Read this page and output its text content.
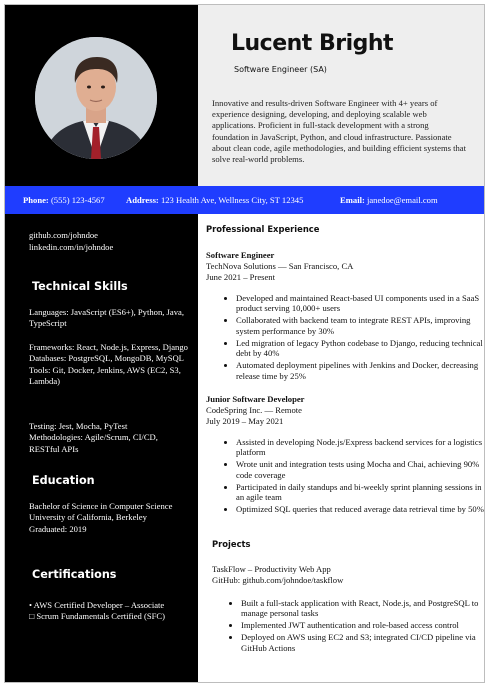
Lucent Bright
Software Engineer (SA)
Innovative and results-driven Software Engineer with 4+ years of experience designing, developing, and deploying scalable web applications. Proficient in full-stack development with a strong foundation in JavaScript, Python, and cloud infrastructure. Passionate about clean code, agile methodologies, and building efficient systems that solve real-world problems.
Phone: (555) 123-4567 Address: 123 Health Ave, Wellness City, ST 12345	Email: janedoe@email.com
github.com/johndoe
linkedin.com/in/johndoe
Technical Skills

Languages: JavaScript (ES6+), Python, Java, TypeScript

Frameworks: React, Node.js, Express, Django

Databases: PostgreSQL, MongoDB, MySQL

Tools: Git, Docker, Jenkins, AWS (EC2, S3, Lambda)

Testing: Jest, Mocha, PyTest

Methodologies: Agile/Scrum, CI/CD, RESTful APIs

Education

Bachelor of Science in Computer Science

University of California, Berkeley

Graduated: 2019

Certifications

• AWS Certified Developer – Associate

□ Scrum Fundamentals Certified (SFC)

Professional Experience

Software Engineer

TechNova Solutions — San Francisco, CA

June 2021 – Present

• Developed and maintained React-based UI components used in a SaaS product serving 10,000+ users
• Collaborated with backend team to integrate REST APIs, improving system performance by 30%
• Led migration of legacy Python codebase to Django, reducing technical debt by 40%
• Automated deployment pipelines with Jenkins and Docker, decreasing release time by 25%

Junior Software Developer

CodeSpring Inc. — Remote

July 2019 – May 2021

• Assisted in developing Node.js/Express backend services for a logistics platform
• Wrote unit and integration tests using Mocha and Chai, achieving 90% code coverage
• Participated in daily standups and bi-weekly sprint planning sessions in an agile team
• Optimized SQL queries that reduced average data retrieval time by 50%
Projects

TaskFlow – Productivity Web App

GitHub: github.com/johndoe/taskflow

• Built a full-stack application with React, Node.js, and PostgreSQL to manage personal tasks
• Implemented JWT authentication and role-based access control
• Deployed on AWS using EC2 and S3; integrated CI/CD pipeline via GitHub Actions
